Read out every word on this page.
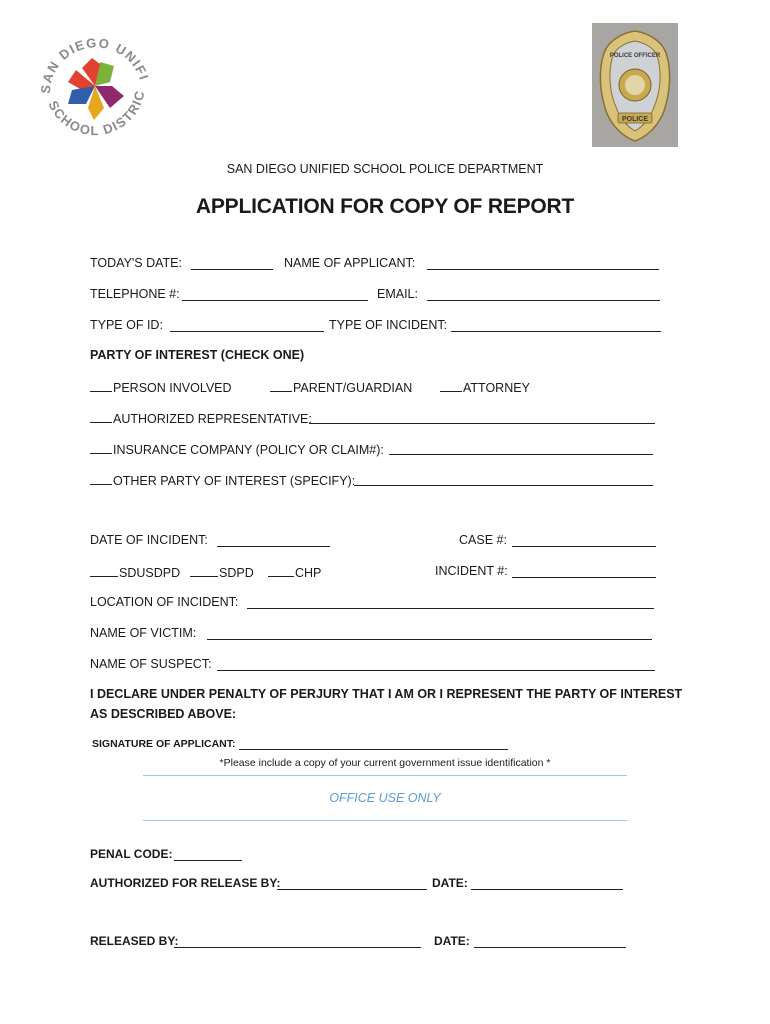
SAN DIEGO UNIFI
SCHOOL DISTRIC
POLICE
POLICE OFFICER
SAN DIEGO UNIFIED SCHOOL POLICE DEPARTMENT
APPLICATION FOR COPY OF REPORT
TODAY'S DATE:	NAME OF APPLICANT:
TELEPHONE #:	EMAIL:
TYPE OF ID:	TYPE OF INCIDENT:
PARTY OF INTEREST (CHECK ONE)
PERSON INVOLVED	PARENT/GUARDIAN	ATTORNEY
AUTHORIZED REPRESENTATIVE:
INSURANCE COMPANY (POLICY OR CLAIM#):
OTHER PARTY OF INTEREST (SPECIFY):
DATE OF INCIDENT:	CASE #:
SDUSDPD	SDPD	CHP	INCIDENT #:
LOCATION OF INCIDENT:
NAME OF VICTIM:
NAME OF SUSPECT:
I DECLARE UNDER PENALTY OF PERJURY THAT I AM OR I REPRESENT THE PARTY OF INTEREST
AS DESCRIBED ABOVE:
SIGNATURE OF APPLICANT:
*Please include a copy of your current government issue identification *
OFFICE USE ONLY
PENAL CODE:
AUTHORIZED FOR RELEASE BY:	DATE:
RELEASED BY:	DATE:
